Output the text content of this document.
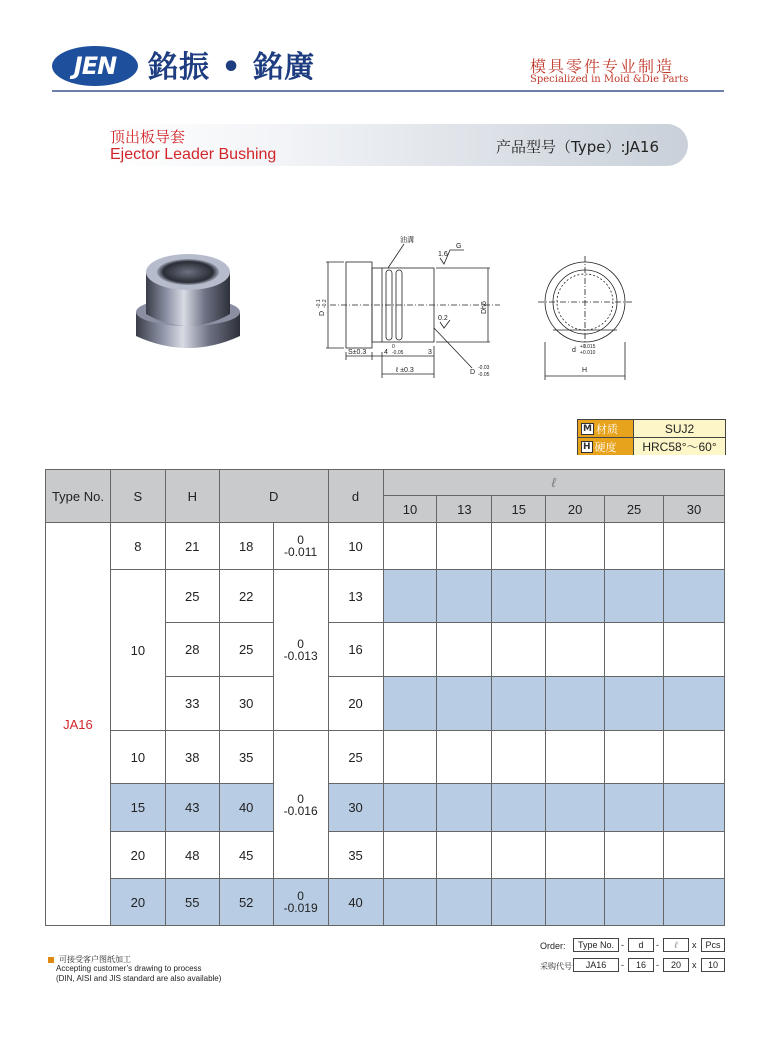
JEN	銘振 • 銘廣	模具零件专业制造
Specialized in Mold &Die Parts
顶出板导套
Ejector Leader Bushing	产品型号（Type）:JA16
油溝
G
1.6
0.2
D
-0.1 -0.2	Dh6
S±0.3	4
0
-0.05	3
ℓ ±0.3	D
-0.03
-0.05
d +0.015
+0.010
H
M 材质	SUJ2
H 硬度	HRC58°～60°
Type No.	S	H	D		d	ℓ					
						10	13	15	20	25	30
JA16	8	21	18	0
-0.011	10						
	10	25	22	0
-0.013	13						
		28	25		16						
		33	30		20						
	10	38	35	0
-0.016	25						
	15	43	40		30						
	20	48	45		35						
	20	55	52	0
-0.019	40						
可接受客户图纸加工
Accepting customer’s drawing to process
(DIN, AISI and JIS standard are also available)
Order:	Type No. -	d	-	ℓ	x Pcs
采购代号	JA16	-	16	-	20	x	10
